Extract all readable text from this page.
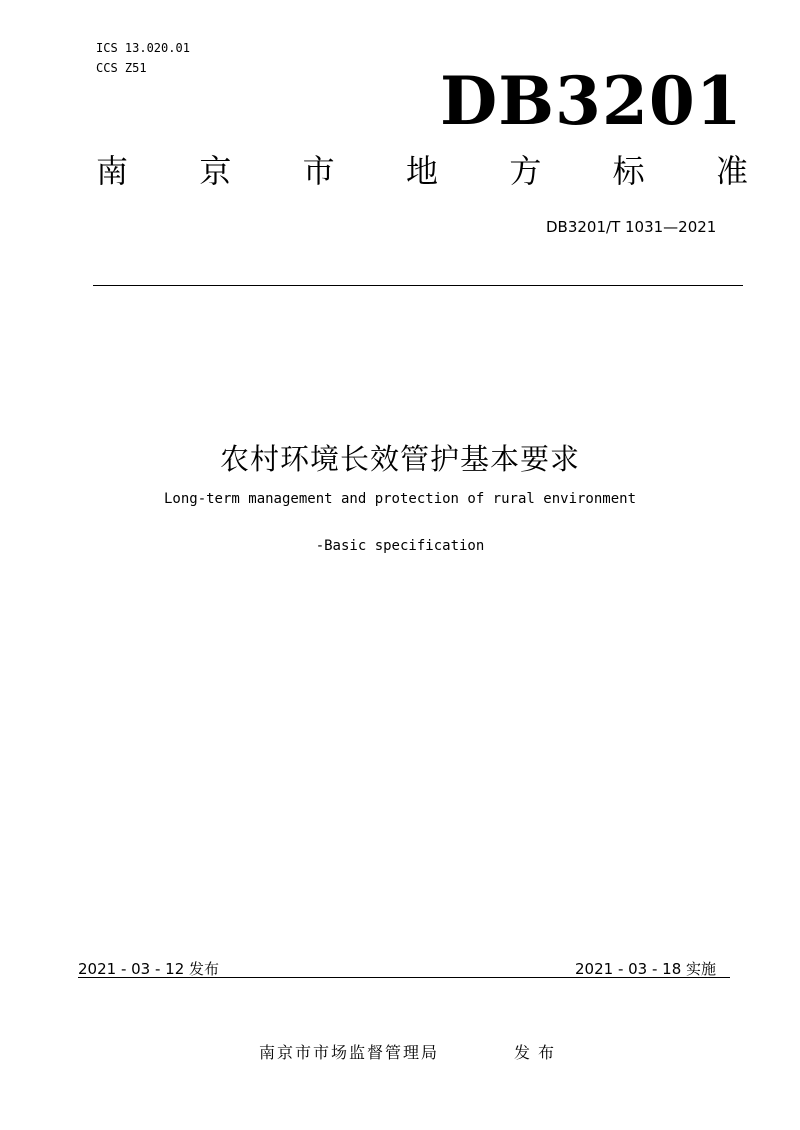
ICS 13.020.01
CCS Z51	DB3201
南 京 市 地 方 标 准
DB3201/T 1031—2021
农村环境长效管护基本要求
Long-term management and protection of rural environment
-Basic specification
2021 - 03 - 12 发布	2021 - 03 - 18 实施
南京市市场监督管理局	发布
